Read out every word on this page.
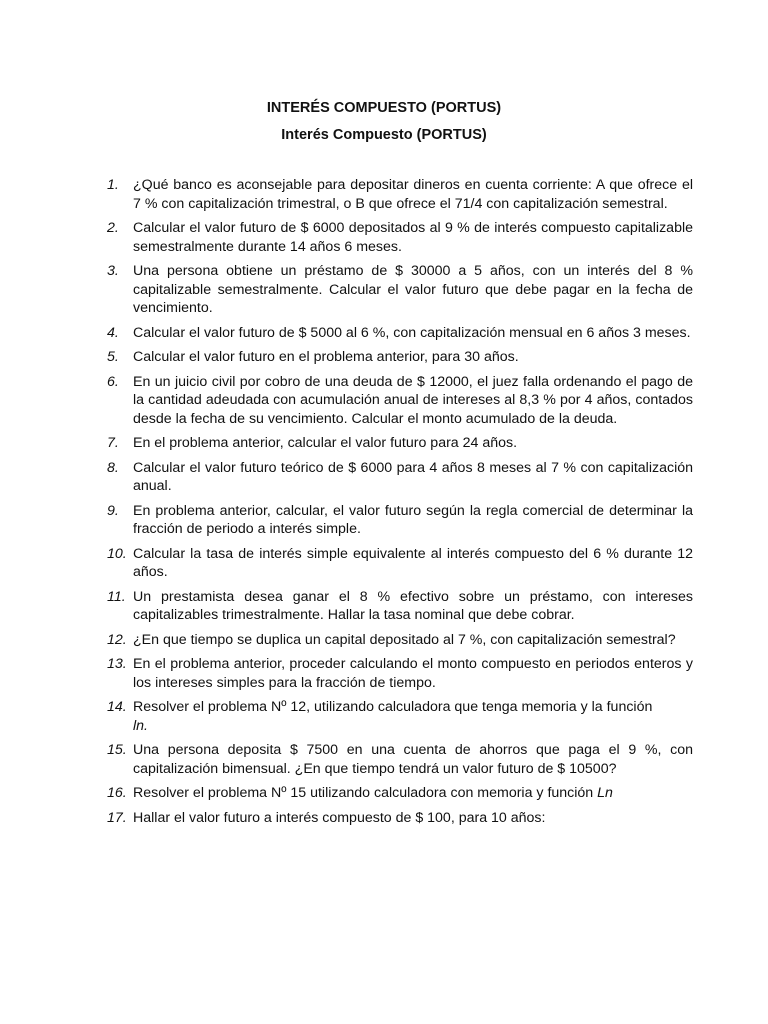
INTERÉS COMPUESTO (PORTUS)
Interés Compuesto (PORTUS)
1. ¿Qué banco es aconsejable para depositar dineros en cuenta corriente: A que ofrece el 7 % con capitalización trimestral, o B que ofrece el 71/4 con capitalización semestral.
2. Calcular el valor futuro de $ 6000 depositados al 9 % de interés compuesto capitalizable semestralmente durante 14 años 6 meses.
3. Una persona obtiene un préstamo de $ 30000 a 5 años, con un interés del 8 % capitalizable semestralmente. Calcular el valor futuro que debe pagar en la fecha de vencimiento.
4. Calcular el valor futuro de $ 5000 al 6 %, con capitalización mensual en 6 años 3 meses.
5. Calcular el valor futuro en el problema anterior, para 30 años.
6. En un juicio civil por cobro de una deuda de $ 12000, el juez falla ordenando el pago de la cantidad adeudada con acumulación anual de intereses al 8,3 % por 4 años, contados desde la fecha de su vencimiento. Calcular el monto acumulado de la deuda.
7. En el problema anterior, calcular el valor futuro para 24 años.
8. Calcular el valor futuro teórico de $ 6000 para 4 años 8 meses al 7 % con capitalización anual.
9. En problema anterior, calcular, el valor futuro según la regla comercial de determinar la fracción de periodo a interés simple.
10. Calcular la tasa de interés simple equivalente al interés compuesto del 6 % durante 12 años.
11. Un prestamista desea ganar el 8 % efectivo sobre un préstamo, con intereses capitalizables trimestralmente. Hallar la tasa nominal que debe cobrar.
12. ¿En que tiempo se duplica un capital depositado al 7 %, con capitalización semestral?
13. En el problema anterior, proceder calculando el monto compuesto en periodos enteros y los intereses simples para la fracción de tiempo.
14. Resolver el problema Nº 12, utilizando calculadora que tenga memoria y la función
ln.
15. Una persona deposita $ 7500 en una cuenta de ahorros que paga el 9 %, con capitalización bimensual. ¿En que tiempo tendrá un valor futuro de $ 10500?
16. Resolver el problema Nº 15 utilizando calculadora con memoria y función Ln
17. Hallar el valor futuro a interés compuesto de $ 100, para 10 años:
